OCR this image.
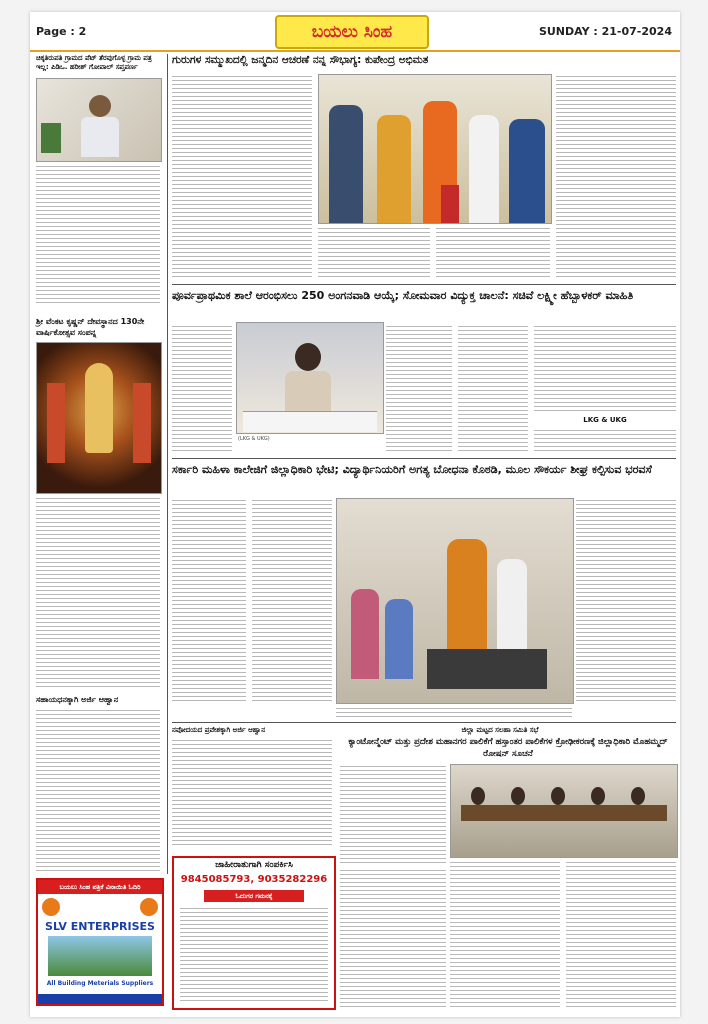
Page : 2	ಬಯಲು ಸಿಂಹ	SUNDAY : 21-07-2024
ಚಿಕ್ಕತಿರುಪತಿ ಗ್ರಾಮದ ಪೆಟ್ ತೆರವುಗೊಳ್ಳ ಗ್ರಾಮ ಪತ್ರ ಇಲ್ಲ: ಪಿಡಿಒ. ಹರೀಶ್ ಗೋಪಾಲ್ ಸಪ್ತಪರ್ಣ
ಶ್ರೀ ವೆಂಕಟ ಕೃಷ್ಣನ್ ದೇವಸ್ಥಾನದ 130ನೇ ವಾರ್ಷಿಕೋತ್ಸವ ಸಂಪನ್ನ
ಸಹಾಯಧನಕ್ಕಾಗಿ ಅರ್ಜಿ ಆಹ್ವಾನ
ಗುರುಗಳ ಸಮ್ಮುಖದಲ್ಲಿ ಜನ್ಮದಿನ ಆಚರಣೆ ನನ್ನ ಸೌಭಾಗ್ಯ: ಕುಪೇಂದ್ರ ಅಭಿಮತ
ಪೂರ್ವಪ್ರಾಥಮಿಕ ಶಾಲೆ ಆರಂಭಿಸಲು 250 ಅಂಗನವಾಡಿ ಆಯ್ಕೆ; ಸೋಮವಾರ ವಿದ್ಯುಕ್ತ ಚಾಲನೆ: ಸಚಿವೆ ಲಕ್ಷ್ಮೀ ಹೆಬ್ಬಾಳಕರ್ ಮಾಹಿತಿ
(LKG & UKG)
LKG & UKG
ಸರ್ಕಾರಿ ಮಹಿಳಾ ಕಾಲೇಜಿಗೆ ಜಿಲ್ಲಾಧಿಕಾರಿ ಭೇಟಿ; ವಿದ್ಯಾರ್ಥಿನಿಯರಿಗೆ ಅಗತ್ಯ ಬೋಧನಾ ಕೊಠಡಿ, ಮೂಲ ಸೌಕರ್ಯ ಶೀಘ್ರ ಕಲ್ಪಿಸುವ ಭರವಸೆ
ನವೋದಯದ ಪ್ರವೇಶಕ್ಕಾಗಿ ಅರ್ಜಿ ಆಹ್ವಾನ	ಜಿಲ್ಲಾ ಮಟ್ಟದ ಸಲಹಾ ಸಮಿತಿ ಸಭೆ
ಕ್ಯಾಂಟೋನ್ಮೆಂಟ್ ಮತ್ತು ಪ್ರದೇಶ ಮಹಾನಗರ ಪಾಲಿಕೆಗೆ ಹಸ್ತಾಂತರ ಪಾಲಿಕೆಗಳ ಕ್ರೋಢೀಕರಣಕ್ಕೆ ಜಿಲ್ಲಾಧಿಕಾರಿ ಮೊಹಮ್ಮದ್ ರೋಷನ್ ಸೂಚನೆ
ಬಯಲು ಸಿಂಹ ಪತ್ರಿಕೆ ವಿನಾಯಿತಿ ಓದಿರಿ
SLV ENTERPRISES
All Building Meterials Suppliers
ಜಾಹೀರಾತುಗಾಗಿ ಸಂಪರ್ಕಿಸಿ
9845085793, 9035282296
ಓದುಗರ ಗಮನಕ್ಕೆ
